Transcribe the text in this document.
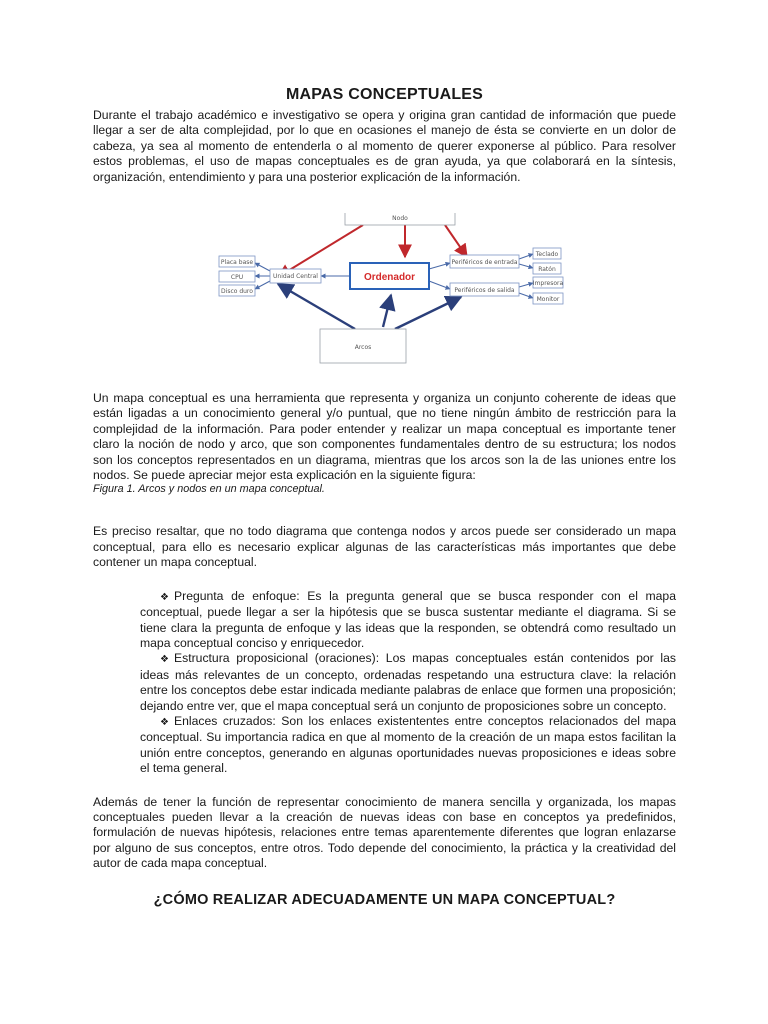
MAPAS CONCEPTUALES

Durante el trabajo académico e investigativo se opera y origina gran cantidad de información que puede llegar a ser de alta complejidad, por lo que en ocasiones el manejo de ésta se convierte en un dolor de cabeza, ya sea al momento de entenderla o al momento de querer exponerse al público. Para resolver estos problemas, el uso de mapas conceptuales es de gran ayuda, ya que colaborará en la síntesis, organización, entendimiento y para una posterior explicación de la información.

Nodo
Ordenador
Unidad Central
Placa base
CPU
Disco duro
Periféricos de entrada
Periféricos de salida
Teclado
Ratón
Impresora
Monitor
Arcos

Un mapa conceptual es una herramienta que representa y organiza un conjunto coherente de ideas que están ligadas a un conocimiento general y/o puntual, que no tiene ningún ámbito de restricción para la complejidad de la información. Para poder entender y realizar un mapa conceptual es importante tener claro la noción de nodo y arco, que son componentes fundamentales dentro de su estructura; los nodos son los conceptos representados en un diagrama, mientras que los arcos son la de las uniones entre los nodos. Se puede apreciar mejor esta explicación en la siguiente figura:

Figura 1. Arcos y nodos en un mapa conceptual.

Es preciso resaltar, que no todo diagrama que contenga nodos y arcos puede ser considerado un mapa conceptual, para ello es necesario explicar algunas de las características más importantes que debe contener un mapa conceptual.

❖ Pregunta de enfoque: Es la pregunta general que se busca responder con el mapa conceptual, puede llegar a ser la hipótesis que se busca sustentar mediante el diagrama. Si se tiene clara la pregunta de enfoque y las ideas que la responden, se obtendrá como resultado un mapa conceptual conciso y enriquecedor.
❖ Estructura proposicional (oraciones): Los mapas conceptuales están contenidos por las ideas más relevantes de un concepto, ordenadas respetando una estructura clave: la relación entre los conceptos debe estar indicada mediante palabras de enlace que formen una proposición; dejando entre ver, que el mapa conceptual será un conjunto de proposiciones sobre un concepto.
❖ Enlaces cruzados: Son los enlaces existententes entre conceptos relacionados del mapa conceptual. Su importancia radica en que al momento de la creación de un mapa estos facilitan la unión entre conceptos, generando en algunas oportunidades nuevas proposiciones e ideas sobre el tema general.

Además de tener la función de representar conocimiento de manera sencilla y organizada, los mapas conceptuales pueden llevar a la creación de nuevas ideas con base en conceptos ya predefinidos, formulación de nuevas hipótesis, relaciones entre temas aparentemente diferentes que logran enlazarse por alguno de sus conceptos, entre otros. Todo depende del conocimiento, la práctica y la creatividad del autor de cada mapa conceptual.

¿CÓMO REALIZAR ADECUADAMENTE UN MAPA CONCEPTUAL?
